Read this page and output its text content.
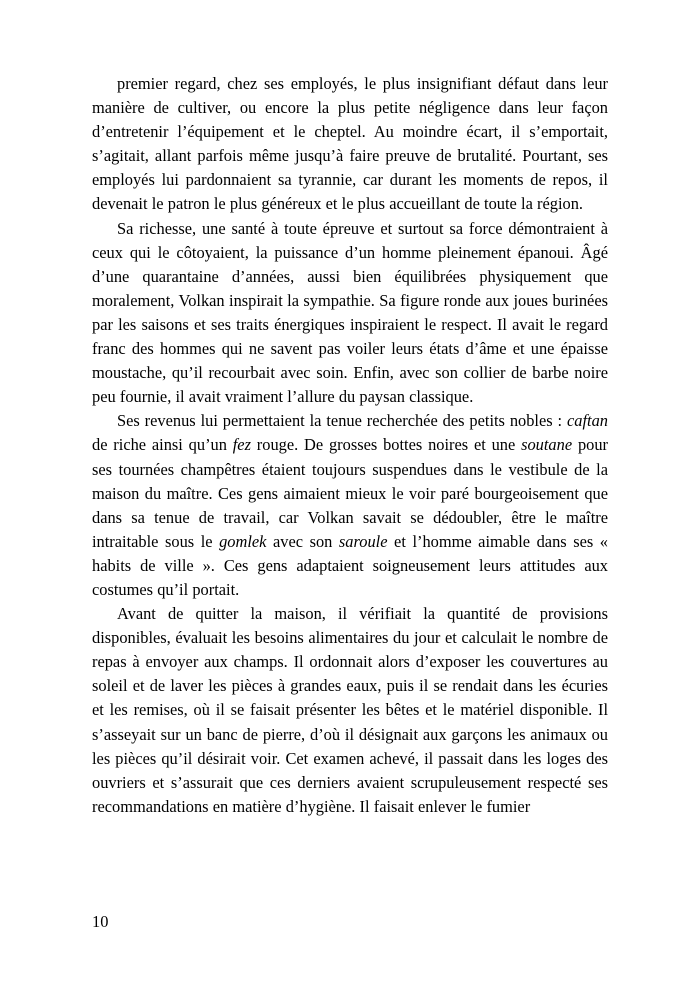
premier regard, chez ses employés, le plus insignifiant défaut dans leur manière de cultiver, ou encore la plus petite négligence dans leur façon d’entretenir l’équipement et le cheptel. Au moindre écart, il s’emportait, s’agitait, allant parfois même jusqu’à faire preuve de brutalité. Pourtant, ses employés lui pardonnaient sa tyrannie, car durant les moments de repos, il devenait le patron le plus généreux et le plus accueillant de toute la région.

Sa richesse, une santé à toute épreuve et surtout sa force démontraient à ceux qui le côtoyaient, la puissance d’un homme pleinement épanoui. Âgé d’une quarantaine d’années, aussi bien équilibrées physiquement que moralement, Volkan inspirait la sympathie. Sa figure ronde aux joues burinées par les saisons et ses traits énergiques inspiraient le respect. Il avait le regard franc des hommes qui ne savent pas voiler leurs états d’âme et une épaisse moustache, qu’il recourbait avec soin. Enfin, avec son collier de barbe noire peu fournie, il avait vraiment l’allure du paysan classique.

Ses revenus lui permettaient la tenue recherchée des petits nobles : caftan de riche ainsi qu’un fez rouge. De grosses bottes noires et une soutane pour ses tournées champêtres étaient toujours suspendues dans le vestibule de la maison du maître. Ces gens aimaient mieux le voir paré bourgeoisement que dans sa tenue de travail, car Volkan savait se dédoubler, être le maître intraitable sous le gomlek avec son saroule et l’homme aimable dans ses « habits de ville ». Ces gens adaptaient soigneusement leurs attitudes aux costumes qu’il portait.

Avant de quitter la maison, il vérifiait la quantité de provisions disponibles, évaluait les besoins alimentaires du jour et calculait le nombre de repas à envoyer aux champs. Il ordonnait alors d’exposer les couvertures au soleil et de laver les pièces à grandes eaux, puis il se rendait dans les écuries et les remises, où il se faisait présenter les bêtes et le matériel disponible. Il s’asseyait sur un banc de pierre, d’où il désignait aux garçons les animaux ou les pièces qu’il désirait voir. Cet examen achevé, il passait dans les loges des ouvriers et s’assurait que ces derniers avaient scrupuleusement respecté ses recommandations en matière d’hygiène. Il faisait enlever le fumier

10
